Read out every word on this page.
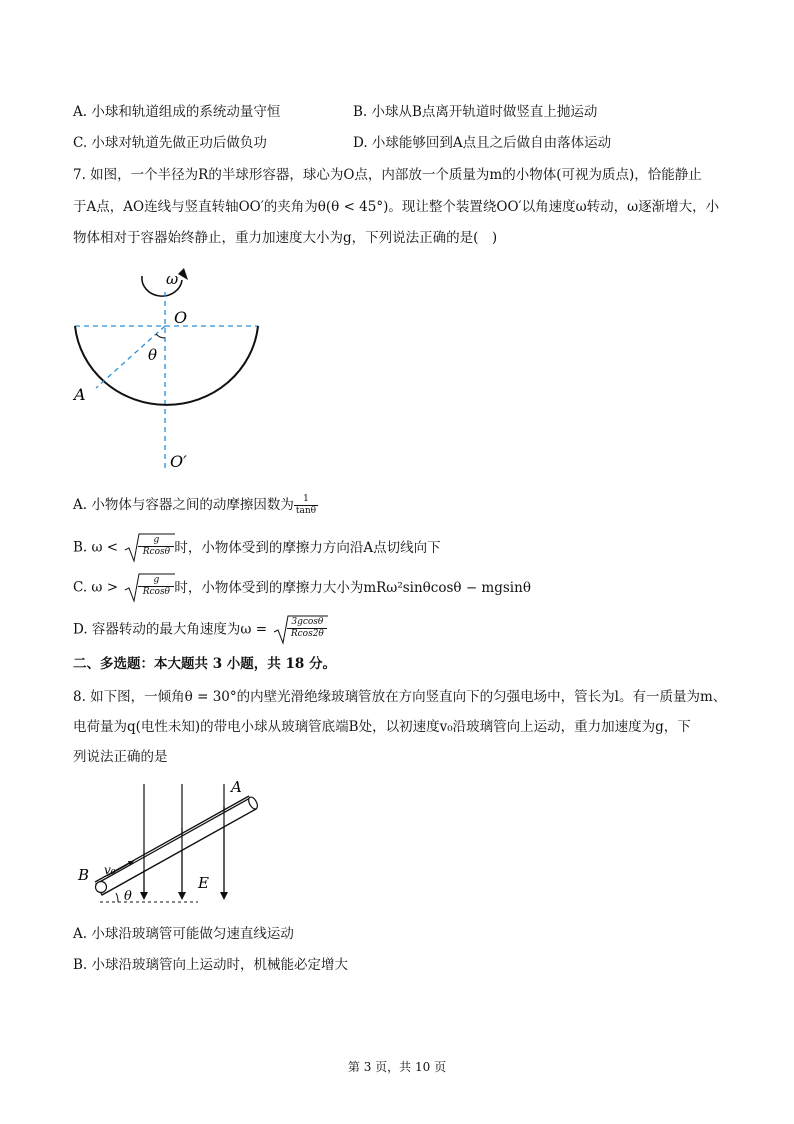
A. 小球和轨道组成的系统动量守恒	B. 小球从B点离开轨道时做竖直上抛运动
C. 小球对轨道先做正功后做负功	D. 小球能够回到A点且之后做自由落体运动
7. 如图，一个半径为R的半球形容器，球心为O点，内部放一个质量为m的小物体(可视为质点)，恰能静止
于A点，AO连线与竖直转轴OO′的夹角为θ(θ < 45°)。现让整个装置绕OO′以角速度ω转动，ω逐渐增大，小
物体相对于容器始终静止，重力加速度大小为g，下列说法正确的是(　)
ω
O
θ
A
O′
A. 小物体与容器之间的动摩擦因数为 $\frac{1}{\tan\theta}$
B. $\omega < \frac{g}{Rcos\theta}$ 时，小物体受到的摩擦力方向沿A点切线向下
C. $\omega > \frac{g}{Rcos\theta}$ 时，小物体受到的摩擦力大小为mRω²sinθcosθ − mgsinθ
D. 容器转动的最大角速度为$\omega = \frac{3gcos\theta}{Rcos2\theta}$
二、多选题：本大题共 3 小题，共 18 分。
8. 如下图，一倾角θ = 30°的内壁光滑绝缘玻璃管放在方向竖直向下的匀强电场中，管长为l。有一质量为m、
电荷量为q(电性未知)的带电小球从玻璃管底端B处，以初速度v₀沿玻璃管向上运动，重力加速度为g，下
列说法正确的是
θ
v₀
B
A
E
A. 小球沿玻璃管可能做匀速直线运动
B. 小球沿玻璃管向上运动时，机械能必定增大
第 3 页，共 10 页
